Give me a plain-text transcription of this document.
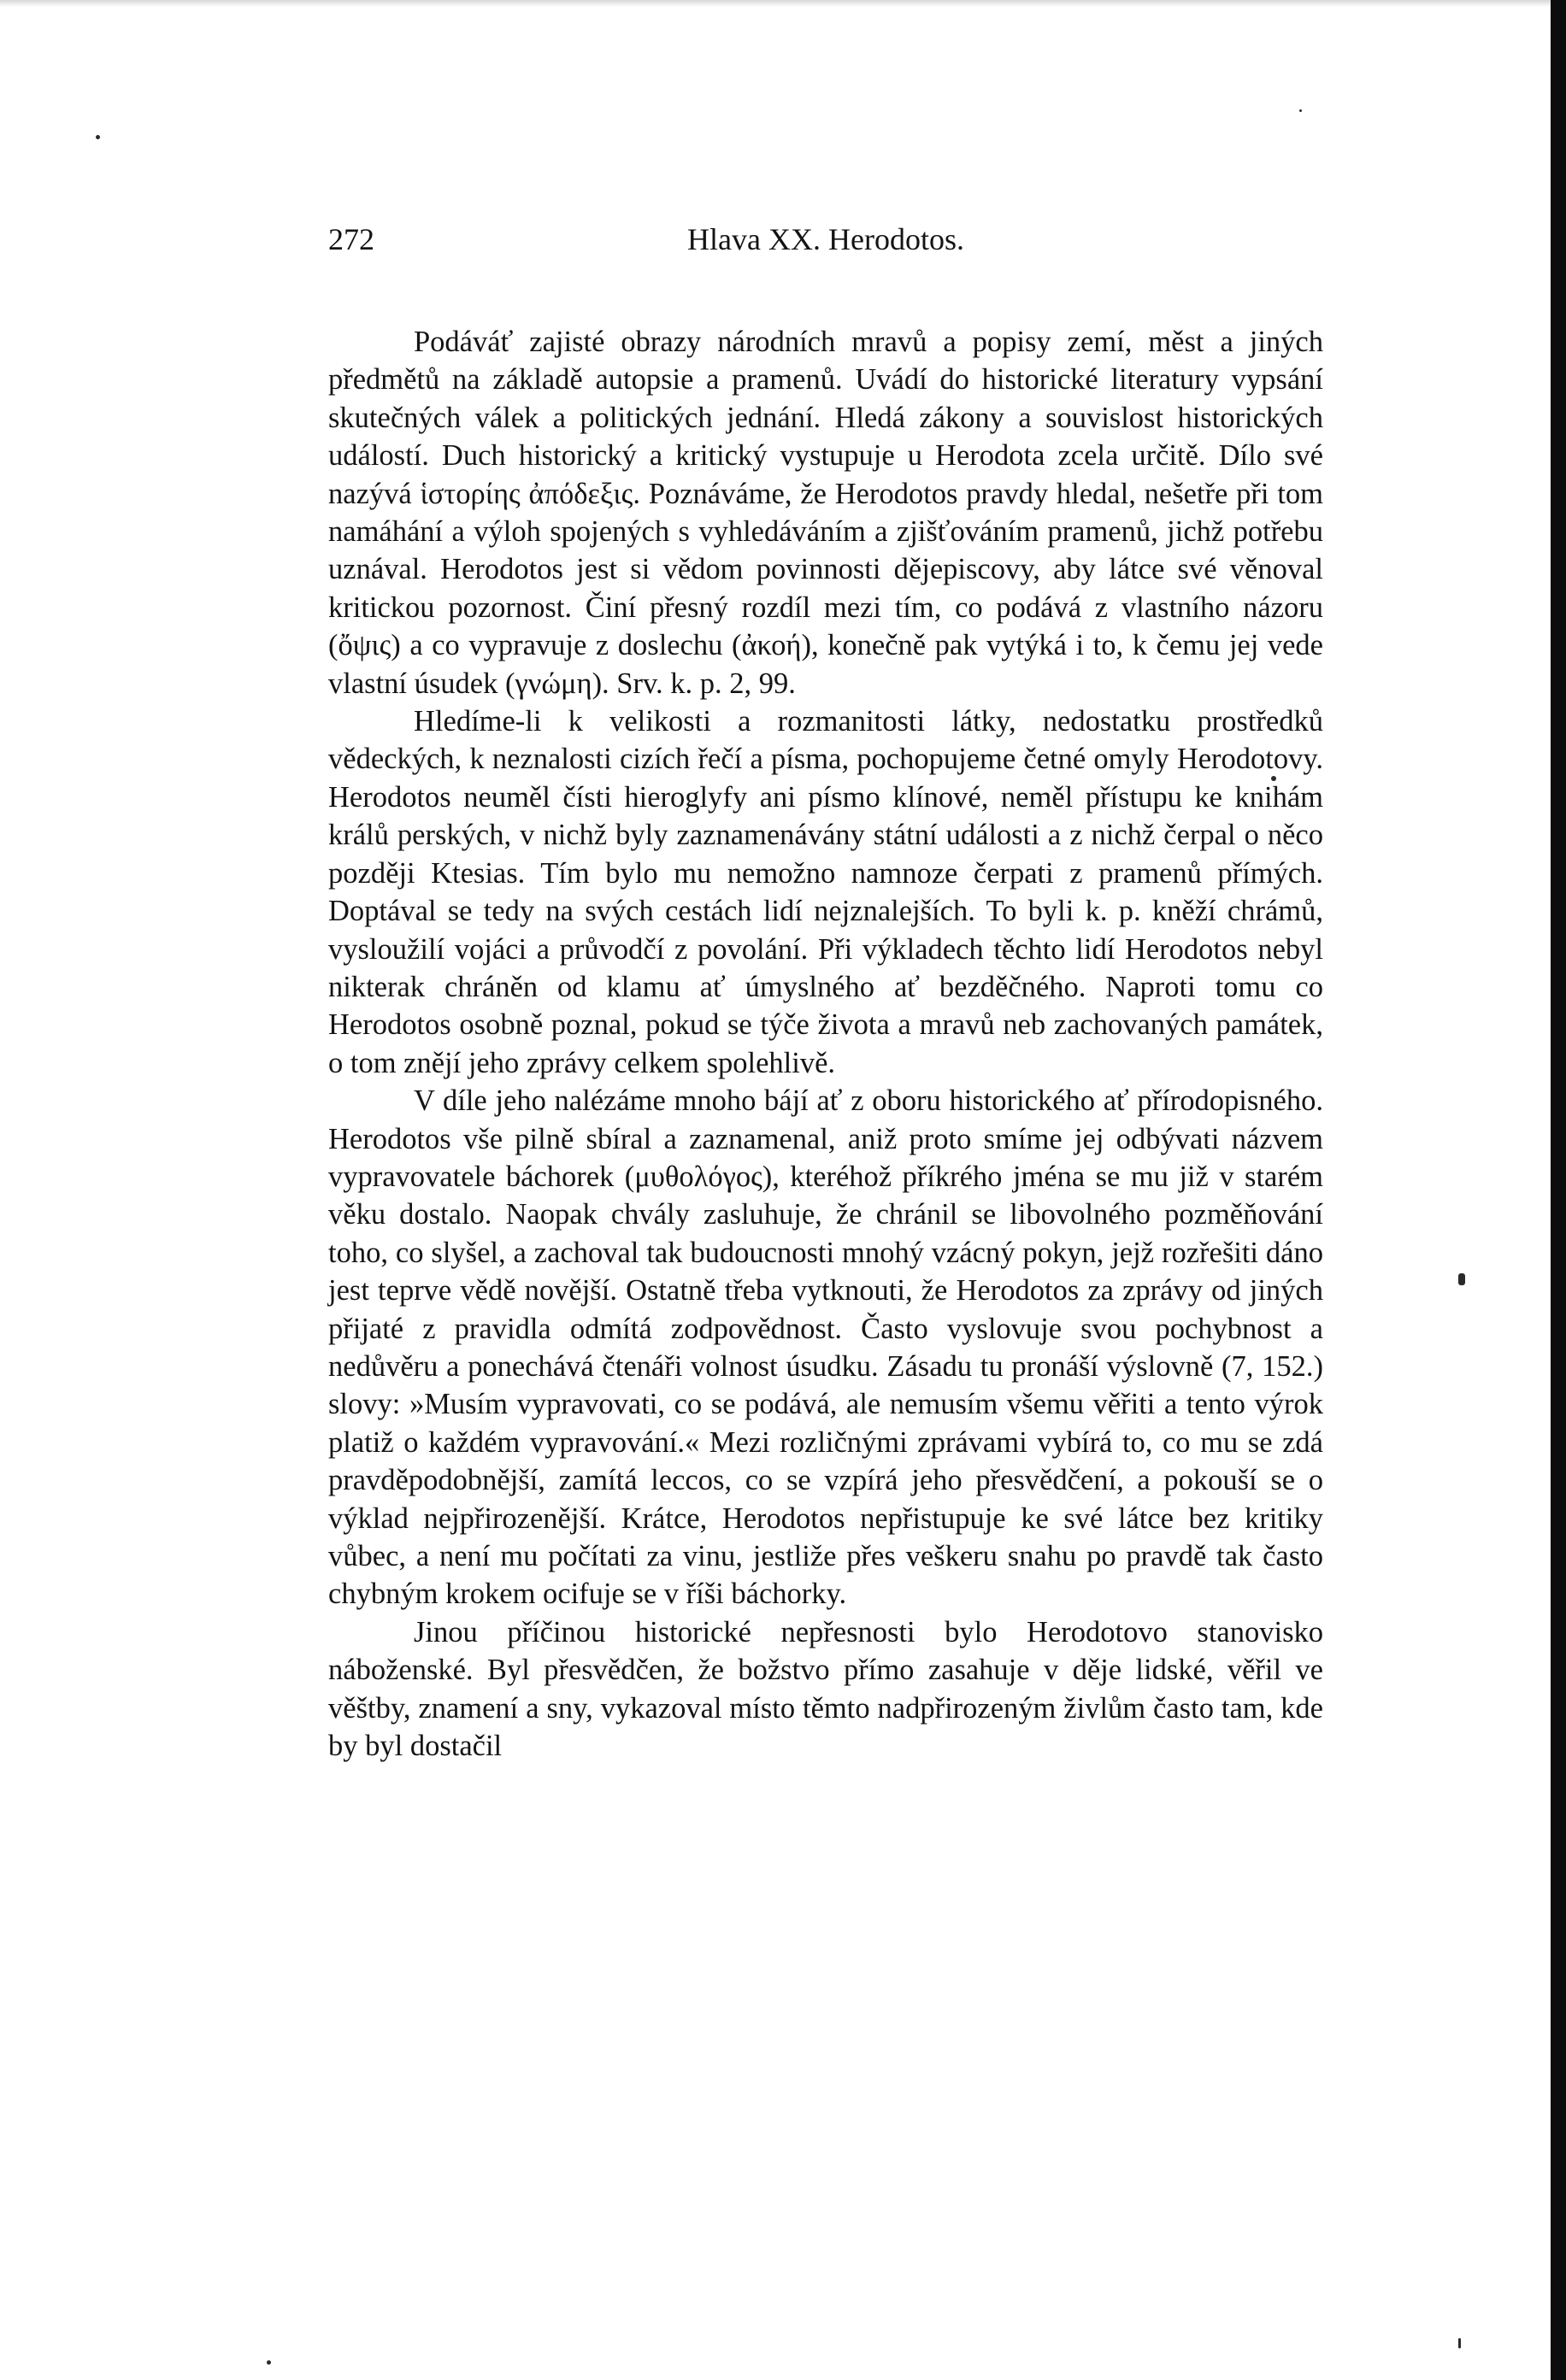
272	Hlava XX. Herodotos.

Podáváť zajisté obrazy národních mravů a popisy zemí, měst a jiných předmětů na základě autopsie a pramenů. Uvádí do historické literatury vypsání skutečných válek a politických jednání. Hledá zákony a souvislost historických událostí. Duch historický a kritický vystupuje u Herodota zcela určitě. Dílo své nazývá ἱστορίης ἀπόδεξις. Poznáváme, že Herodotos pravdy hledal, nešetře při tom namáhání a výloh spojených s vyhledáváním a zjišťováním pramenů, jichž potřebu uznával. Herodotos jest si vědom povinnosti dějepiscovy, aby látce své věnoval kritickou pozornost. Činí přesný rozdíl mezi tím, co podává z vlastního názoru (ὄψις) a co vypravuje z doslechu (ἀκοή), konečně pak vytýká i to, k čemu jej vede vlastní úsudek (γνώμη). Srv. k. p. 2, 99.

Hledíme-li k velikosti a rozmanitosti látky, nedostatku prostředků vědeckých, k neznalosti cizích řečí a písma, pochopujeme četné omyly Herodotovy. Herodotos neuměl čísti hieroglyfy ani písmo klínové, neměl přístupu ke knihám králů perských, v nichž byly zaznamenávány státní události a z nichž čerpal o něco později Ktesias. Tím bylo mu nemožno namnoze čerpati z pramenů přímých. Doptával se tedy na svých cestách lidí nejznalejších. To byli k. p. kněží chrámů, vysloužilí vojáci a průvodčí z povolání. Při výkladech těchto lidí Herodotos nebyl nikterak chráněn od klamu ať úmyslného ať bezděčného. Naproti tomu co Herodotos osobně poznal, pokud se týče života a mravů neb zachovaných památek, o tom znějí jeho zprávy celkem spolehlivě.

V díle jeho nalézáme mnoho bájí ať z oboru historického ať přírodopisného. Herodotos vše pilně sbíral a zaznamenal, aniž proto smíme jej odbývati názvem vypravovatele báchorek (μυθολόγος), kteréhož příkrého jména se mu již v starém věku dostalo. Naopak chvály zasluhuje, že chránil se libovolného pozměňování toho, co slyšel, a zachoval tak budoucnosti mnohý vzácný pokyn, jejž rozřešiti dáno jest teprve vědě novější. Ostatně třeba vytknouti, že Herodotos za zprávy od jiných přijaté z pravidla odmítá zodpovědnost. Často vyslovuje svou pochybnost a nedůvěru a ponechává čtenáři volnost úsudku. Zásadu tu pronáší výslovně (7, 152.) slovy: »Musím vypravovati, co se podává, ale nemusím všemu věřiti a tento výrok platiž o každém vypravování.« Mezi rozličnými zprávami vybírá to, co mu se zdá pravděpodobnější, zamítá leccos, co se vzpírá jeho přesvědčení, a pokouší se o výklad nejpřirozenější. Krátce, Herodotos nepřistupuje ke své látce bez kritiky vůbec, a není mu počítati za vinu, jestliže přes veškeru snahu po pravdě tak často chybným krokem ocifuje se v říši báchorky.

Jinou příčinou historické nepřesnosti bylo Herodotovo stanovisko náboženské. Byl přesvědčen, že božstvo přímo zasahuje v děje lidské, věřil ve věštby, znamení a sny, vykazoval místo těmto nadpřirozeným živlům často tam, kde by byl dostačil
